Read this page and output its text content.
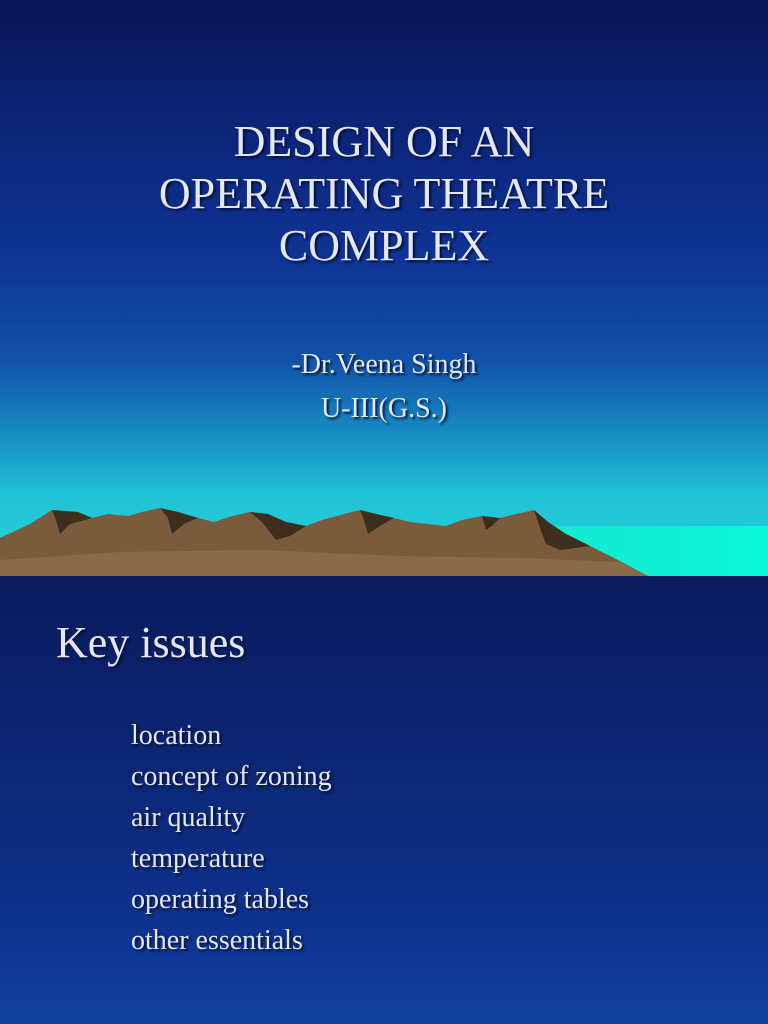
DESIGN OF AN
OPERATING THEATRE
COMPLEX
-Dr.Veena Singh
U-III(G.S.)
Key issues
location
concept of zoning
air quality
temperature
operating tables
other essentials
